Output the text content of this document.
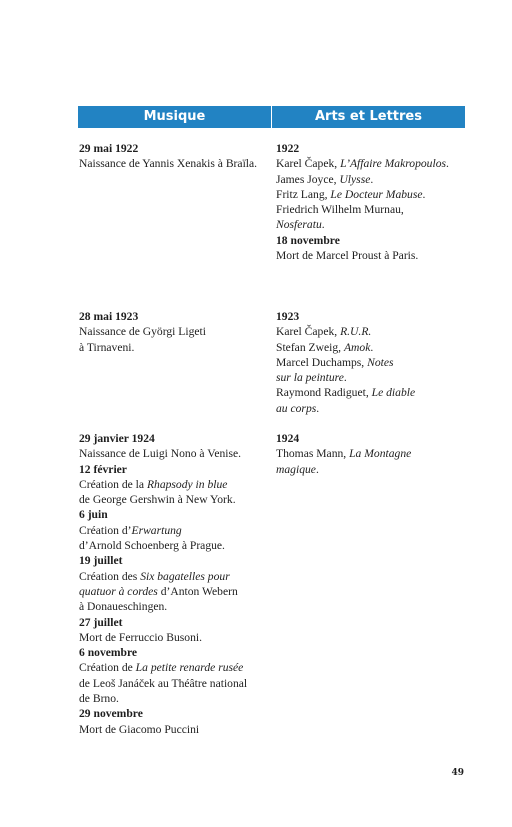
Musique	Arts et Lettres
29 mai 1922
Naissance de Yannis Xenakis à Braïla.
1922
Karel Čapek, L’Affaire Makropoulos.
James Joyce, Ulysse.
Fritz Lang, Le Docteur Mabuse.
Friedrich Wilhelm Murnau,
Nosferatu.
18 novembre
Mort de Marcel Proust à Paris.
28 mai 1923
Naissance de Györgi Ligeti
à Tirnaveni.
1923
Karel Čapek, R.U.R.
Stefan Zweig, Amok.
Marcel Duchamps, Notes
sur la peinture.
Raymond Radiguet, Le diable
au corps.
29 janvier 1924
Naissance de Luigi Nono à Venise.
12 février
Création de la Rhapsody in blue
de George Gershwin à New York.
6 juin
Création d’Erwartung
d’Arnold Schoenberg à Prague.
19 juillet
Création des Six bagatelles pour
quatuor à cordes d’Anton Webern
à Donaueschingen.
27 juillet
Mort de Ferruccio Busoni.
6 novembre
Création de La petite renarde rusée
de Leoš Janáček au Théâtre national
de Brno.
29 novembre
Mort de Giacomo Puccini
1924
Thomas Mann, La Montagne
magique.
49
